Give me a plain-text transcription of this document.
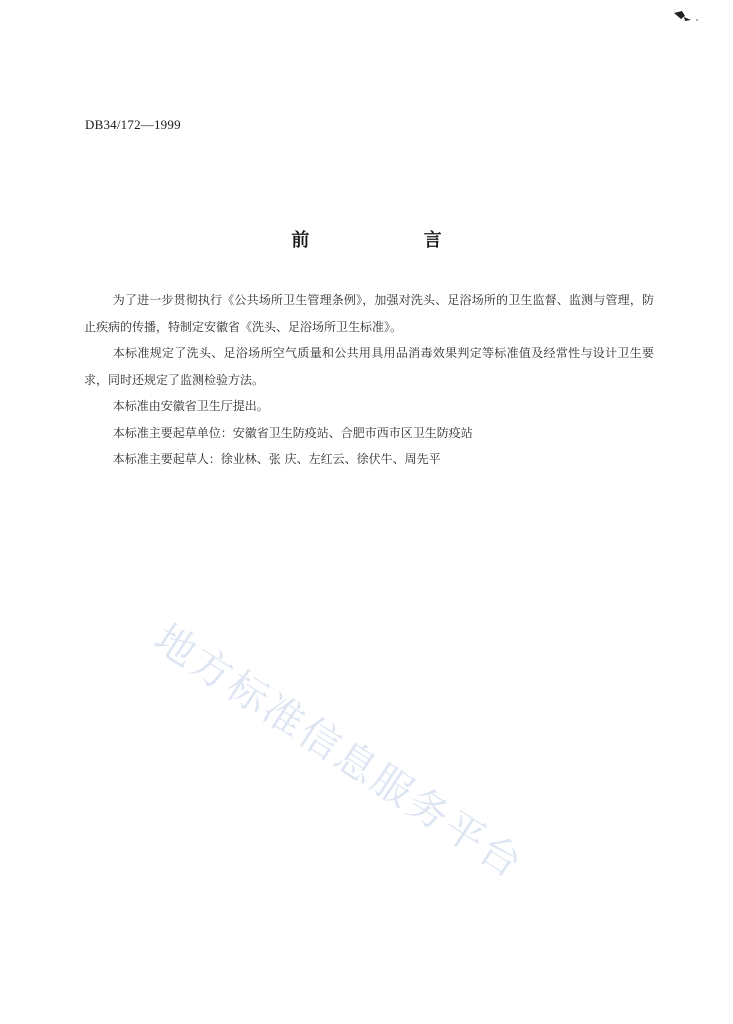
DB34/172—1999
前 言

为了进一步贯彻执行《公共场所卫生管理条例》，加强对洗头、足浴场所的卫生监督、监测与管理，防止疾病的传播，特制定安徽省《洗头、足浴场所卫生标准》。

本标准规定了洗头、足浴场所空气质量和公共用具用品消毒效果判定等标准值及经常性与设计卫生要求，同时还规定了监测检验方法。

本标准由安徽省卫生厅提出。

本标准主要起草单位：安徽省卫生防疫站、合肥市西市区卫生防疫站

本标准主要起草人：徐业林、张 庆、左红云、徐伏牛、周先平

地方标准信息服务平台
